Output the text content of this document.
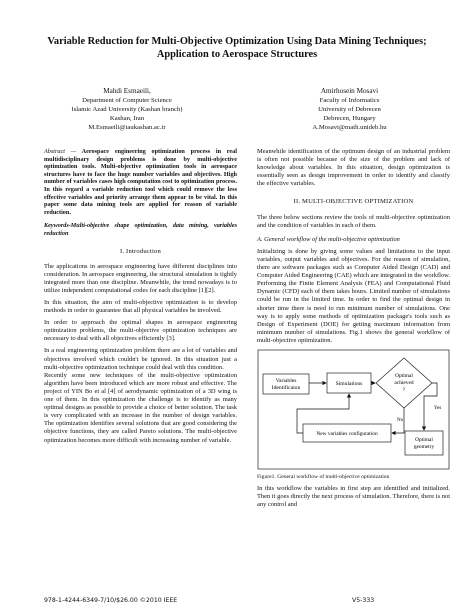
Variable Reduction for Multi-Objective Optimization Using Data Mining Techniques; Application to Aerospace Structures
Mahdi Esmaeili,
Department of Computer Science
Islamic Azad University (Kashan branch)
Kashan, Iran
M.Esmaeili@iaukashan.ac.ir
Amirhosein Mosavi
Faculty of Informatics
University of Debrecen
Debrecen, Hungary
A.Mosavi@math.unideb.hu

Abstract — Aerospace engineering optimization process in real multidisciplinary design problems is done by multi-objective optimization tools. Multi-objective optimization tools in aerospace structures have to face the huge number variables and objectives. High number of variables cases high computation cost to optimization process. In this regard a variable reduction tool which could remove the less effective variables and priority arrange them appear to be vital. In this paper some data mining tools are applied for reason of variable reduction.

Keywords-Multi-objective shape optimization, data mining, variables reduction

I. Introduction

The applications in aerospace engineering have different disciplines into consideration. In aerospace engineering, the structural simulation is tightly integrated more than one discipline. Meanwhile, the trend nowadays is to utilize independent computational codes for each discipline [1][2].

In this situation, the aim of multi-objective optimization is to develop methods in order to guarantee that all physical variables be involved.

In order to approach the optimal shapes in aerospace engineering optimization problems, the multi-objective optimization techniques are necessary to deal with all objectives efficiently [3].

In a real engineering optimization problem there are a lot of variables and objectives involved which couldn't be ignored. In this situation just a multi-objective optimization technique could deal with this condition.

Recently some new techniques of the multi-objective optimization algorithm have been introduced which are more robust and effective. The project of YIN Bo et al [4] of aerodynamic optimization of a 3D wing is one of them. In this optimization the challenge is to identify as many optimal designs as possible to provide a choice of better solution. The task is very complicated with an increase in the number of design variables. The optimization identifies several solutions that are good considering the objective functions, they are called Pareto solutions. The multi-objective optimization becomes more difficult with increasing number of variable.

Meanwhile identification of the optimum design of an industrial problem is often not possible because of the size of the problem and lack of knowledge about variables. In this situation, design optimization is essentially seen as design improvement in order to identify and classify the effective variables.

II. MULTI-OBJECTIVE OPTIMIZATION

The three below sections review the tools of multi-objective optimization and the condition of variables in each of them.

A. General workflow of the multi-objective optimization

Initializing is done by giving some values and limitations to the input variables, output variables and objectives. For the reason of simulation, there are software packages such as Computer Aided Design (CAD) and Computer Aided Engineering (CAE) which are integrated in the workflow. Performing the Finite Element Analysis (FEA) and Computational Fluid Dynamic (CFD) each of them takes hours. Limited number of simulations could be run in the limited time. In order to find the optimal design in shorter time there is need to run minimum number of simulations. One way is to apply some methods of optimization package's tools such as Design of Experiment (DOE) for getting maximum information from minimum number of simulations. Fig.1 shows the general workflow of multi-objective optimization.

Variables
Identificaion
Simulations
Optimal
achieved
?
New variables configuration
Optimal
geometry
No
Yes

Figure1. General workflow of multi-objective optimization

In this workflow the variables in first step are identified and initialized. Then it goes directly the next process of simulation. Therefore, there is not any control and

978-1-4244-6349-7/10/$26.00 ©2010 IEEE	V5-333
